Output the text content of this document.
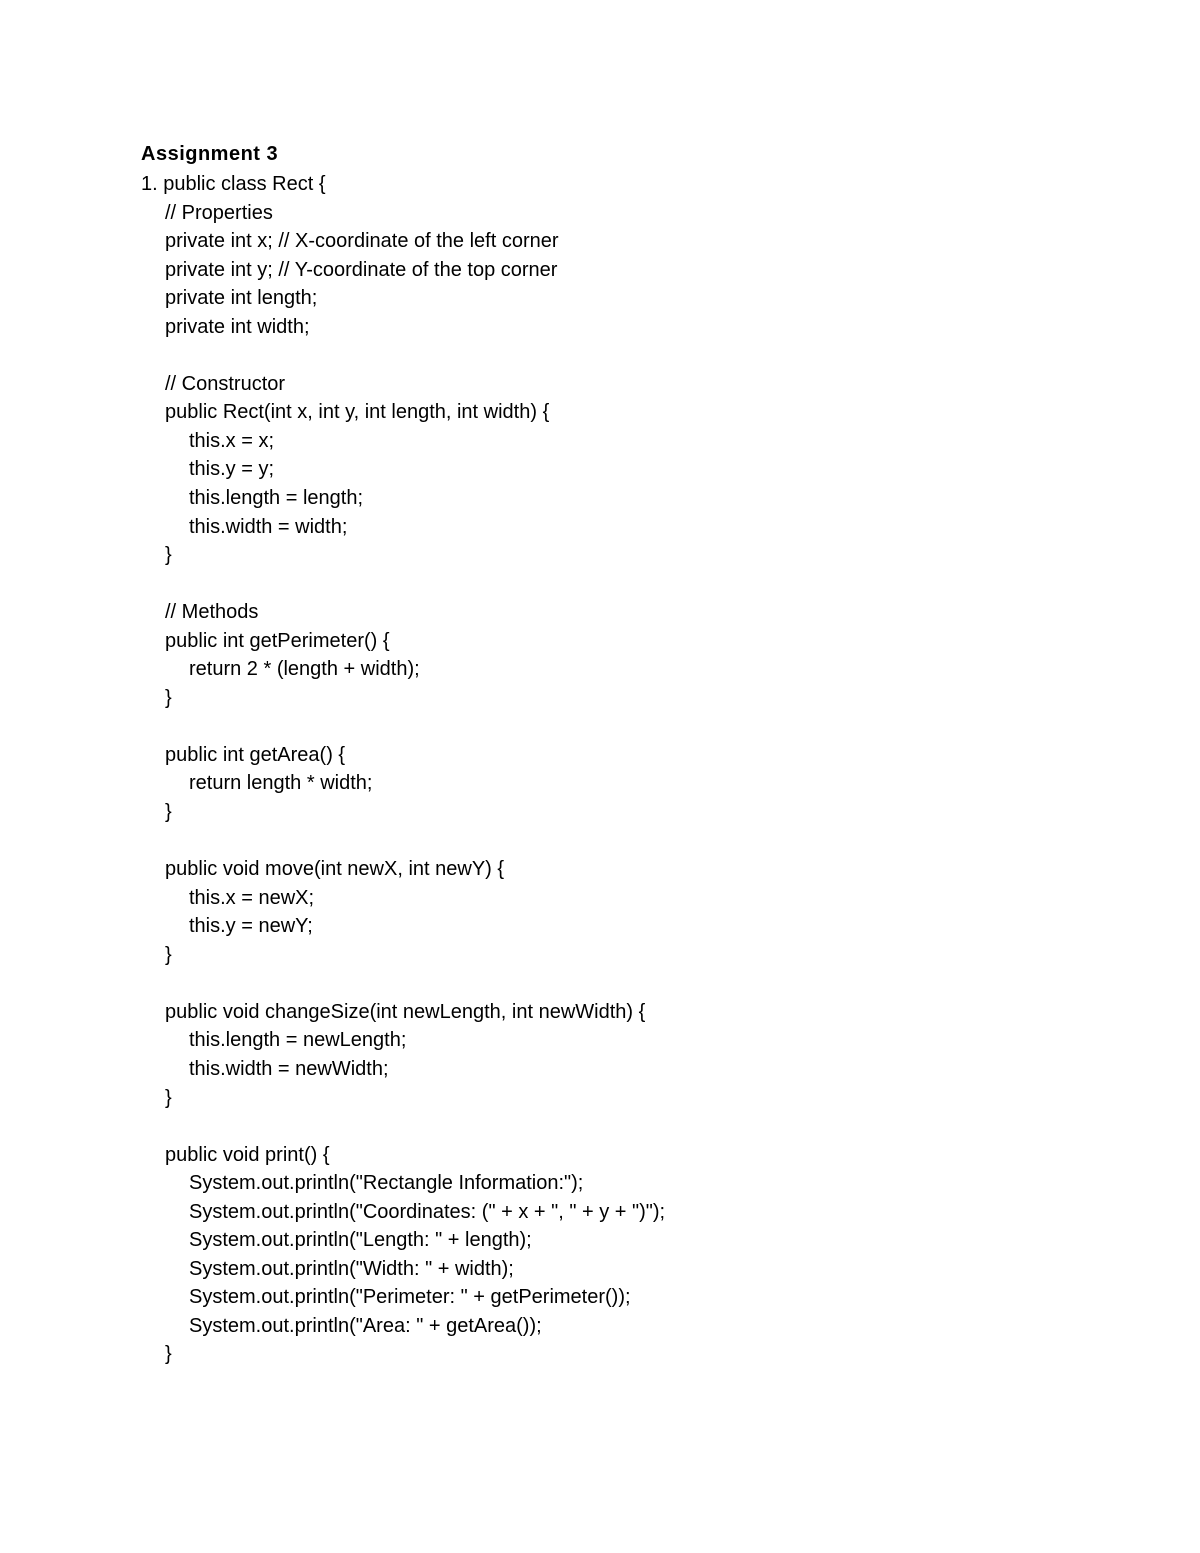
Assignment 3
1. public class Rect {
// Properties
private int x; // X-coordinate of the left corner
private int y; // Y-coordinate of the top corner
private int length;
private int width;
// Constructor
public Rect(int x, int y, int length, int width) {
this.x = x;
this.y = y;
this.length = length;
this.width = width;
}
// Methods
public int getPerimeter() {
return 2 * (length + width);
}
public int getArea() {
return length * width;
}
public void move(int newX, int newY) {
this.x = newX;
this.y = newY;
}
public void changeSize(int newLength, int newWidth) {
this.length = newLength;
this.width = newWidth;
}
public void print() {
System.out.println("Rectangle Information:");
System.out.println("Coordinates: (" + x + ", " + y + ")");
System.out.println("Length: " + length);
System.out.println("Width: " + width);
System.out.println("Perimeter: " + getPerimeter());
System.out.println("Area: " + getArea());
}
